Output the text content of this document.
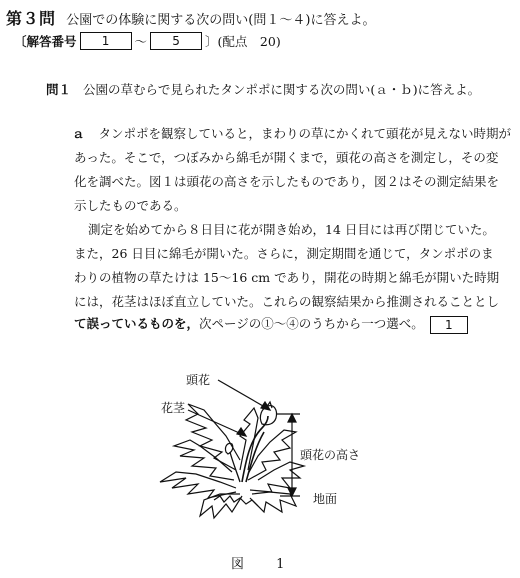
第３問 公園での体験に関する次の問い(問１～４)に答えよ。
〔解答番号	1	～	5	〕(配点　20)
問１ 公園の草むらで見られたタンポポに関する次の問い(ａ・ｂ)に答えよ。
ａ タンポポを観察していると，まわりの草にかくれて頭花が見えない時期が
あった。そこで，つぼみから綿毛が開くまで，頭花の高さを測定し，その変
化を調べた。図１は頭花の高さを示したものであり，図２はその測定結果を
示したものである。
測定を始めてから８日目に花が開き始め，14 日目には再び閉じていた。
また，26 日目に綿毛が開いた。さらに，測定期間を通じて，タンポポのま
わりの植物の草たけは 15～16 cm であり，開花の時期と綿毛が開いた時期
には，花茎はほぼ直立していた。これらの観察結果から推測されることとし
て誤っているものを，次ページの①～④のうちから一つ選べ。 1
頭花
花茎
頭花の高さ
地面
図 1
